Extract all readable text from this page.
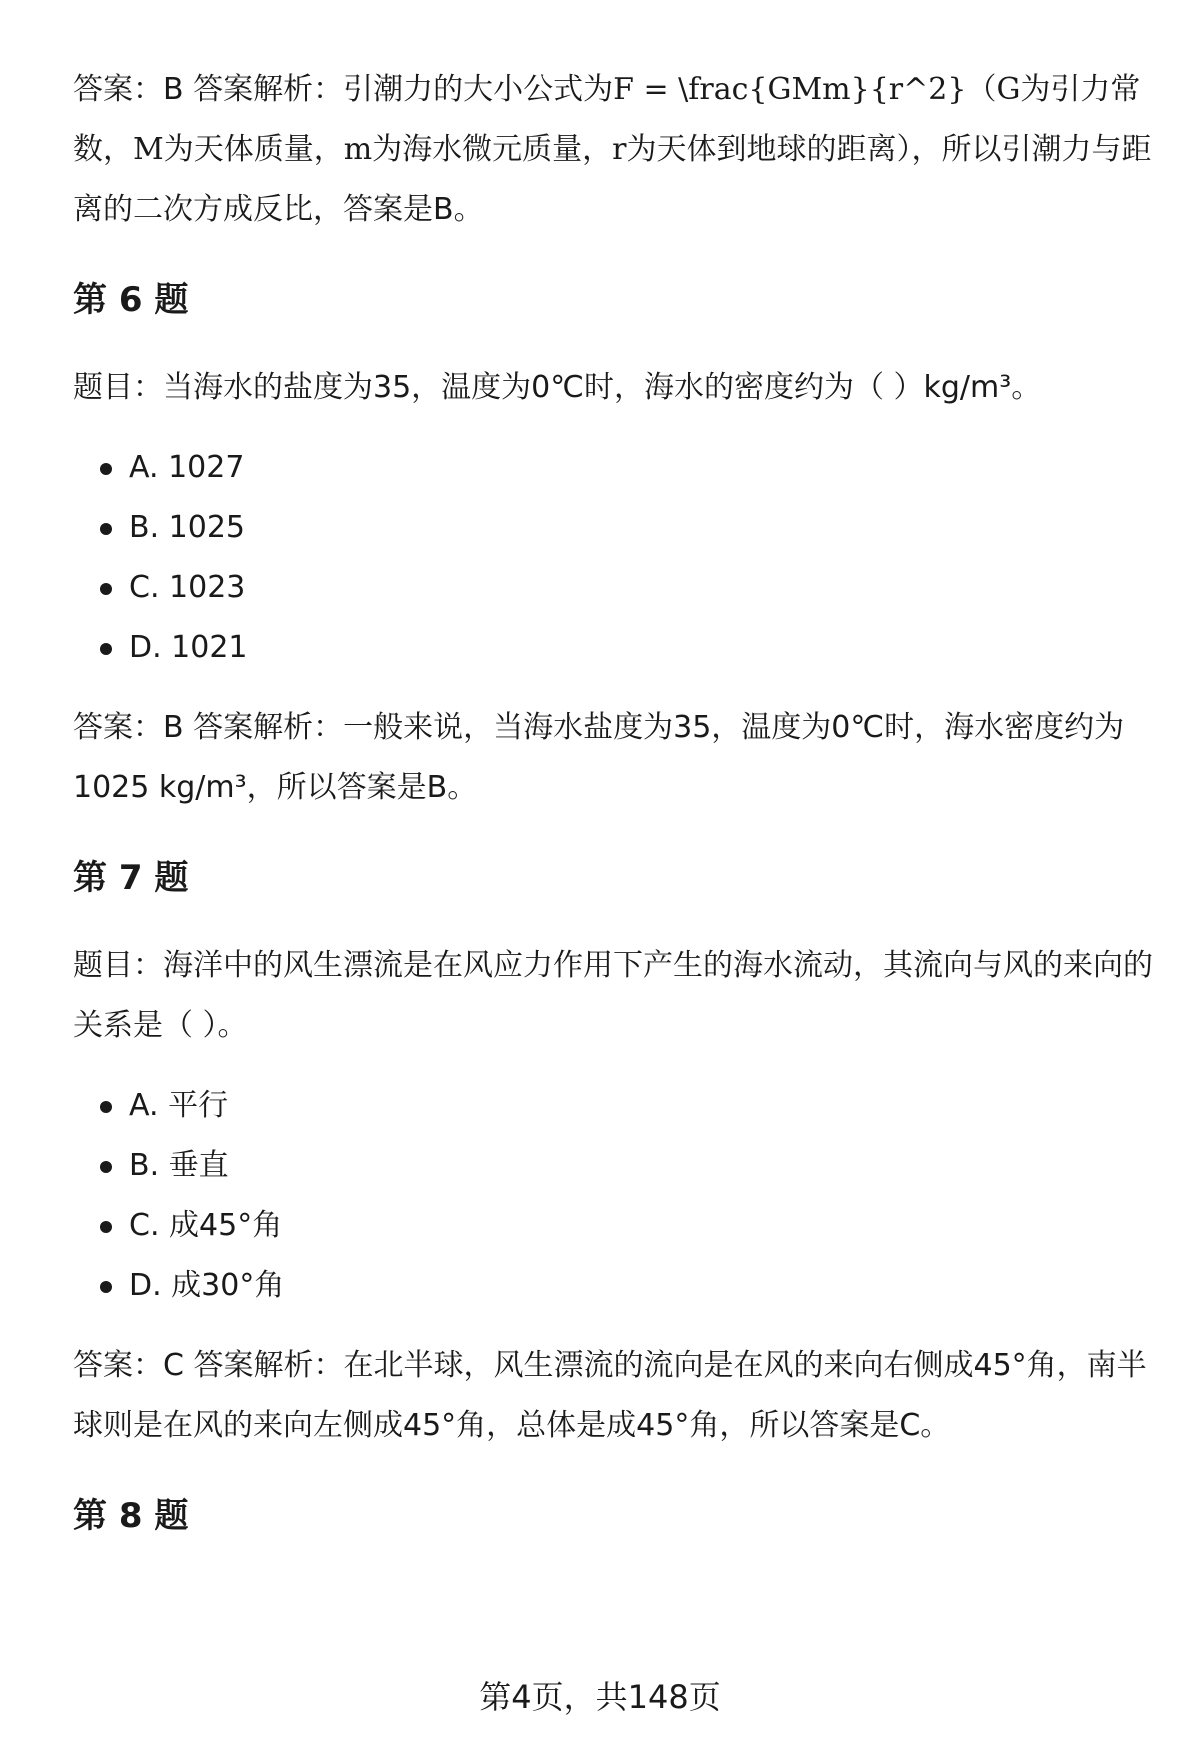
答案：B 答案解析：引潮力的大小公式为F = \frac{GMm}{r^2}（G为引力常

数，M为天体质量，m为海水微元质量，r为天体到地球的距离），所以引潮力与距

离的二次方成反比，答案是B。

第 6 题

题目：当海水的盐度为35，温度为0℃时，海水的密度约为（ ）kg/m³。

A. 1027
B. 1025
C. 1023
D. 1021

答案：B 答案解析：一般来说，当海水盐度为35，温度为0℃时，海水密度约为

1025 kg/m³，所以答案是B。

第 7 题

题目：海洋中的风生漂流是在风应力作用下产生的海水流动，其流向与风的来向的

关系是（ ）。

A. 平行
B. 垂直
C. 成45°角
D. 成30°角

答案：C 答案解析：在北半球，风生漂流的流向是在风的来向右侧成45°角，南半

球则是在风的来向左侧成45°角，总体是成45°角，所以答案是C。

第 8 题
第4页，共148页
